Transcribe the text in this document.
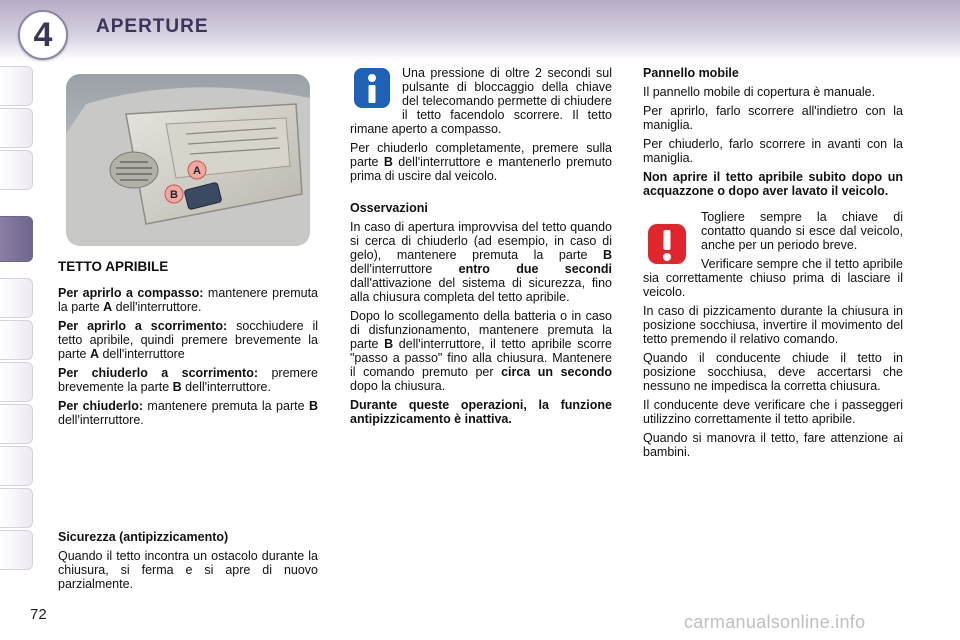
4 APERTURE
A
B

TETTO APRIBILE

Per aprirlo a compasso: mantenere premuta la parte A dell'interruttore.

Per aprirlo a scorrimento: socchiudere il tetto apribile, quindi premere brevemente la parte A dell'interruttore

Per chiuderlo a scorrimento: premere brevemente la parte B dell'interruttore.

Per chiuderlo: mantenere premuta la parte B dell'interruttore.

Sicurezza (antipizzicamento)

Quando il tetto incontra un ostacolo durante la chiusura, si ferma e si apre di nuovo parzialmente.

Una pressione di oltre 2 secondi sul pulsante di bloccaggio della chiave del telecomando permette di chiudere il tetto facendolo scorrere. Il tetto rimane aperto a compasso.

Per chiuderlo completamente, premere sulla parte B dell'interruttore e mantenerlo premuto prima di uscire dal veicolo.

Osservazioni

In caso di apertura improvvisa del tetto quando si cerca di chiuderlo (ad esempio, in caso di gelo), mantenere premuta la parte B dell'interruttore entro due secondi dall'attivazione del sistema di sicurezza, fino alla chiusura completa del tetto apribile.

Dopo lo scollegamento della batteria o in caso di disfunzionamento, mantenere premuta la parte B dell'interruttore, il tetto apribile scorre "passo a passo" fino alla chiusura. Mantenere il comando premuto per circa un secondo dopo la chiusura.

Durante queste operazioni, la funzione antipizzicamento è inattiva.

Pannello mobile

Il pannello mobile di copertura è manuale.

Per aprirlo, farlo scorrere all'indietro con la maniglia.

Per chiuderlo, farlo scorrere in avanti con la maniglia.

Non aprire il tetto apribile subito dopo un acquazzone o dopo aver lavato il veicolo.

Togliere sempre la chiave di contatto quando si esce dal veicolo, anche per un periodo breve.

Verificare sempre che il tetto apribile sia correttamente chiuso prima di lasciare il veicolo.

In caso di pizzicamento durante la chiusura in posizione socchiusa, invertire il movimento del tetto premendo il relativo comando.

Quando il conducente chiude il tetto in posizione socchiusa, deve accertarsi che nessuno ne impedisca la corretta chiusura.

Il conducente deve verificare che i passeggeri utilizzino correttamente il tetto apribile.

Quando si manovra il tetto, fare attenzione ai bambini.

72	carmanualsonline.info
